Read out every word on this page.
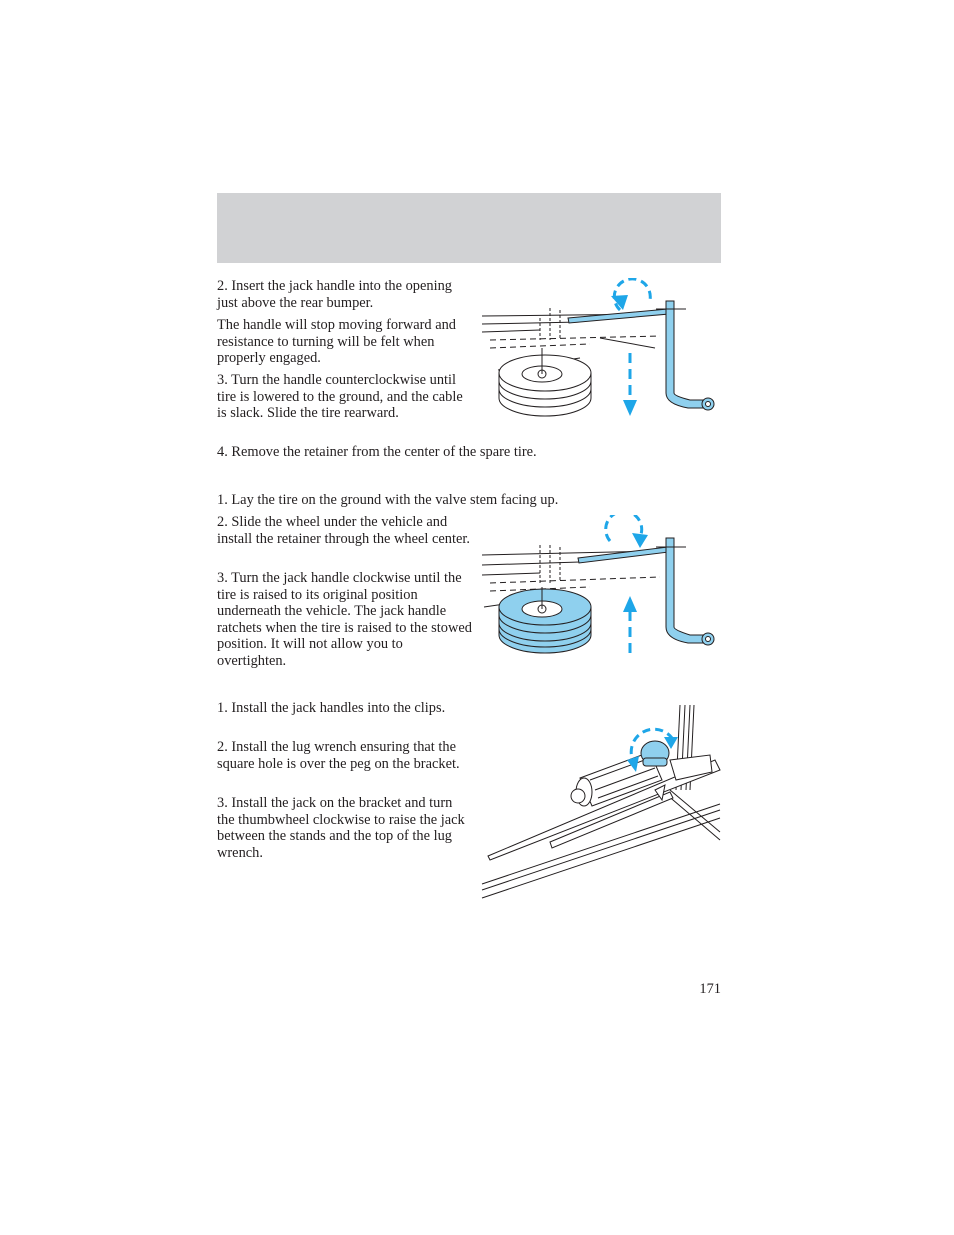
2. Insert the jack handle into the opening just above the rear bumper.

The handle will stop moving forward and resistance to turning will be felt when properly engaged.

3. Turn the handle counterclockwise until tire is lowered to the ground, and the cable is slack. Slide the tire rearward.

4. Remove the retainer from the center of the spare tire.

1. Lay the tire on the ground with the valve stem facing up.

2. Slide the wheel under the vehicle and install the retainer through the wheel center.

3. Turn the jack handle clockwise until the tire is raised to its original position underneath the vehicle. The jack handle ratchets when the tire is raised to the stowed position. It will not allow you to overtighten.

1. Install the jack handles into the clips.

2. Install the lug wrench ensuring that the square hole is over the peg on the bracket.

3. Install the jack on the bracket and turn the thumbwheel clockwise to raise the jack between the stands and the top of the lug wrench.

171
